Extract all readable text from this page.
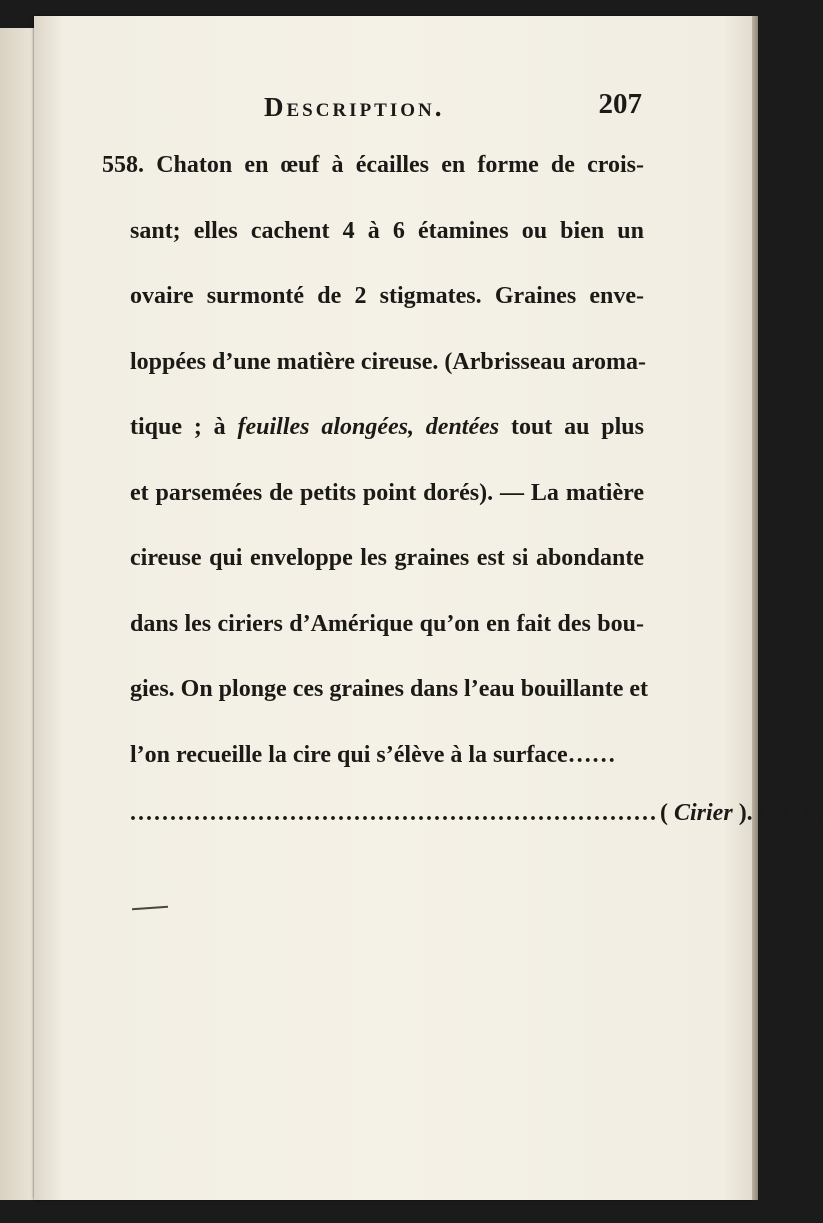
Description.	207
558. Chaton en œuf à écailles en forme de crois-
sant; elles cachent 4 à 6 étamines ou bien un
ovaire surmonté de 2 stigmates. Graines enve-
loppées d’une matière cireuse. (Arbrisseau aroma-
tique ; à feuilles alongées, dentées tout au plus
et parsemées de petits point dorés). — La matière
cireuse qui enveloppe les graines est si abondante
dans les ciriers d’Amérique qu’on en fait des bou-
gies. On plonge ces graines dans l’eau bouillante et
l’on recueille la cire qui s’élève à la surface……
.................................................................. ( Cirier ). Galé.
